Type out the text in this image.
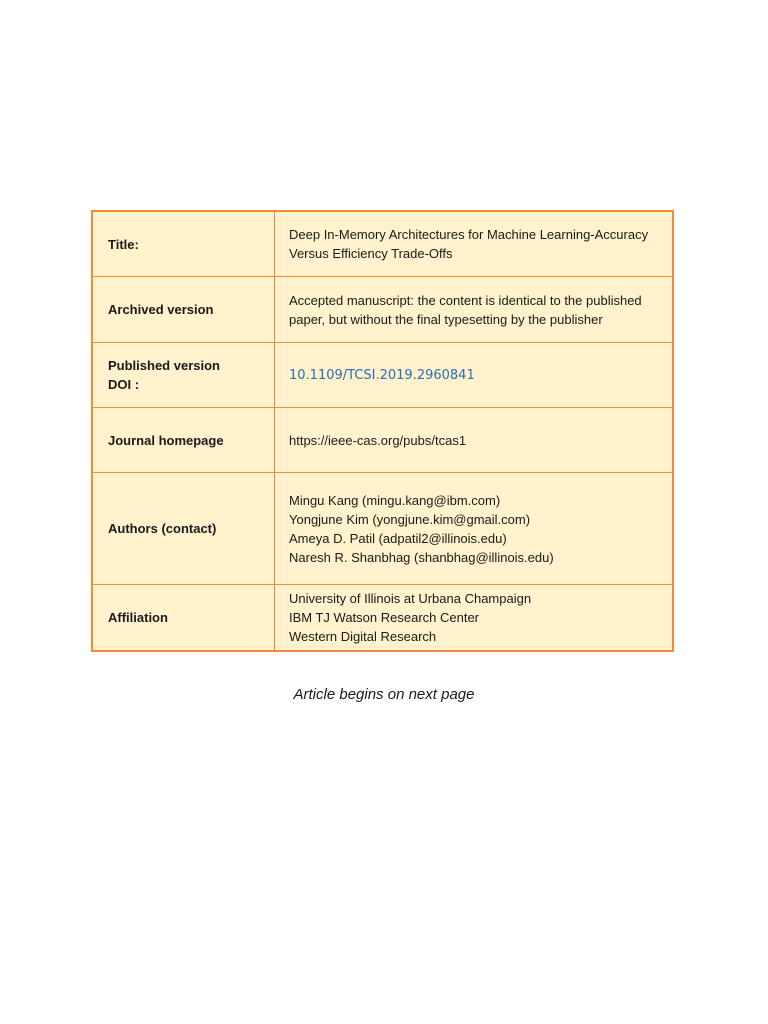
Title:	Deep In-Memory Architectures for Machine Learning-Accuracy
Versus Efficiency Trade-Offs

Archived version	Accepted manuscript: the content is identical to the published
paper, but without the final typesetting by the publisher

Published version
DOI :	10.1109/TCSI.2019.2960841
Journal homepage	https://ieee-cas.org/pubs/tcas1

Authors (contact)	Mingu Kang (mingu.kang@ibm.com)
Yongjune Kim (yongjune.kim@gmail.com)
Ameya D. Patil (adpatil2@illinois.edu)
Naresh R. Shanbhag (shanbhag@illinois.edu)

Affiliation	University of Illinois at Urbana Champaign
IBM TJ Watson Research Center
Western Digital Research
Article begins on next page
